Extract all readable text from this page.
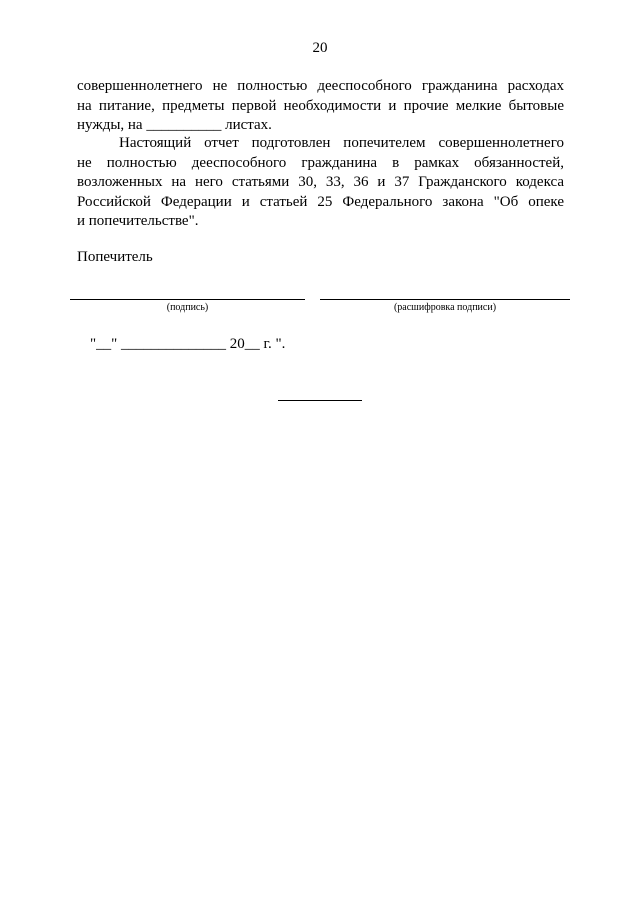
20
совершеннолетнего не полностью дееспособного гражданина расходах
на питание, предметы первой необходимости и прочие мелкие бытовые
нужды, на __________ листах.
Настоящий отчет подготовлен попечителем совершеннолетнего
не полностью дееспособного гражданина в рамках обязанностей,
возложенных на него статьями 30, 33, 36 и 37 Гражданского кодекса
Российской Федерации и статьей 25 Федерального закона "Об опеке
и попечительстве".
Попечитель
(подпись)	(расшифровка подписи)
"__" ______________ 20__ г. ".
